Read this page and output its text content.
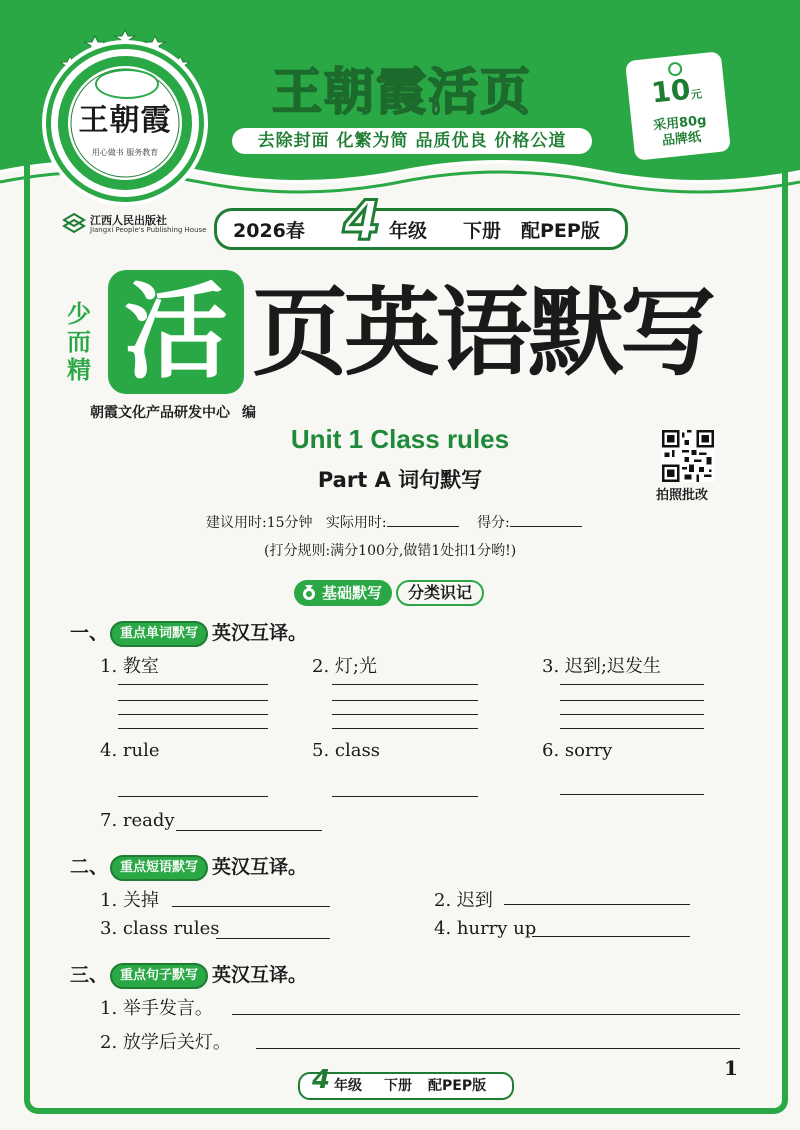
王朝霞
用心做书 服务教育
王朝霞活页
去除封面 化繁为简 品质优良 价格公道
10元
采用80g
品牌纸
江西人民出版社
Jiangxi People's Publishing House 2026春 4 年级 下册 配PEP版
少
而
精 活 页英语默写
朝霞文化产品研发中心 编
Unit 1 Class rules
Part A 词句默写
拍照批改
建议用时:15分钟 实际用时:	得分:
(打分规则:满分100分,做错1处扣1分哟!)
基础默写 分类识记
一、 重点单词默写 英汉互译。
1. 教室	2. 灯;光	3. 迟到;迟发生
4. rule	5. class	6. sorry
7. ready
二、 重点短语默写 英汉互译。
1. 关掉	2. 迟到
3. class rules	4. hurry up
三、 重点句子默写 英汉互译。
1. 举手发言。
2. 放学后关灯。
4 年级 下册 配PEP版
1
